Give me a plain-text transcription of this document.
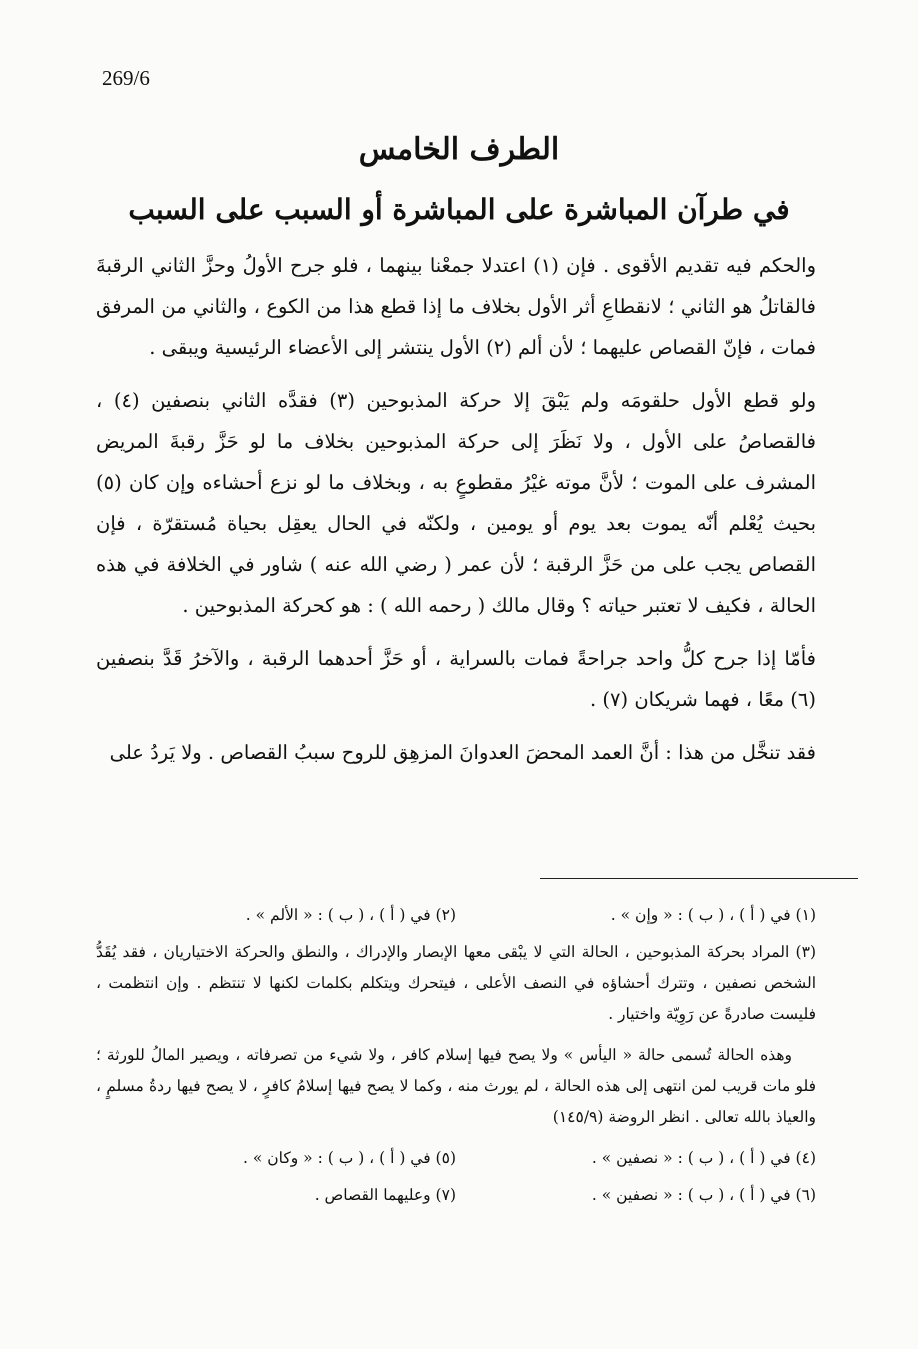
269/6
الطرف الخامس
في طرآن المباشرة على المباشرة أو السبب على السبب

والحكم فيه تقديم الأقوى . فإن (١) اعتدلا جمعْنا بينهما ، فلو جرح الأولُ وحزَّ الثاني الرقبةَ فالقاتلُ هو الثاني ؛ لانقطاعِ أثر الأول بخلاف ما إذا قطع هذا من الكوع ، والثاني من المرفق فمات ، فإنّ القصاص عليهما ؛ لأن ألم (٢) الأول ينتشر إلى الأعضاء الرئيسية ويبقى .

ولو قطع الأول حلقومَه ولم يَبْقَ إلا حركة المذبوحين (٣) فقدَّه الثاني بنصفين (٤) ، فالقصاصُ على الأول ، ولا نَظَرَ إلى حركة المذبوحين بخلاف ما لو حَزَّ رقبةَ المريض المشرف على الموت ؛ لأنَّ موته غيْرُ مقطوعٍ به ، وبخلاف ما لو نزع أحشاءه وإن كان (٥) بحيث يُعْلم أنّه يموت بعد يوم أو يومين ، ولكنّه في الحال يعقِل بحياة مُستقرّة ، فإن القصاص يجب على من حَزَّ الرقبة ؛ لأن عمر ( رضي الله عنه ) شاور في الخلافة في هذه الحالة ، فكيف لا تعتبر حياته ؟ وقال مالك ( رحمه الله ) : هو كحركة المذبوحين .

فأمّا إذا جرح كلُّ واحد جراحةً فمات بالسراية ، أو حَزَّ أحدهما الرقبة ، والآخرُ قَدَّ بنصفين (٦) معًا ، فهما شريكان (٧) .

فقد تنخَّل من هذا : أنَّ العمد المحضَ العدوانَ المزهِق للروح سببُ القصاص . ولا يَردُ على

(١) في ( أ ) ، ( ب ) : « وإن » .
(٢) في ( أ ) ، ( ب ) : « الألم » .
(٣) المراد بحركة المذبوحين ، الحالة التي لا يبْقى معها الإبصار والإدراك ، والنطق والحركة الاختياريان ، فقد يُقَدُّ الشخص نصفين ، وتترك أحشاؤه في النصف الأعلى ، فيتحرك ويتكلم بكلمات لكنها لا تنتظم . وإن انتظمت ، فليست صادرةً عن رَوِيّة واختيار .
وهذه الحالة تُسمى حالة « اليأس » ولا يصح فيها إسلام كافر ، ولا شيء من تصرفاته ، ويصير المالُ للورثة ؛ فلو مات قريب لمن انتهى إلى هذه الحالة ، لم يورث منه ، وكما لا يصح فيها إسلامُ كافرٍ ، لا يصح فيها ردةُ مسلمٍ ، والعياذ بالله تعالى . انظر الروضة (١٤٥/٩)
(٤) في ( أ ) ، ( ب ) : « نصفين » .
(٥) في ( أ ) ، ( ب ) : « وكان » .
(٦) في ( أ ) ، ( ب ) : « نصفين » .
(٧) وعليهما القصاص .
